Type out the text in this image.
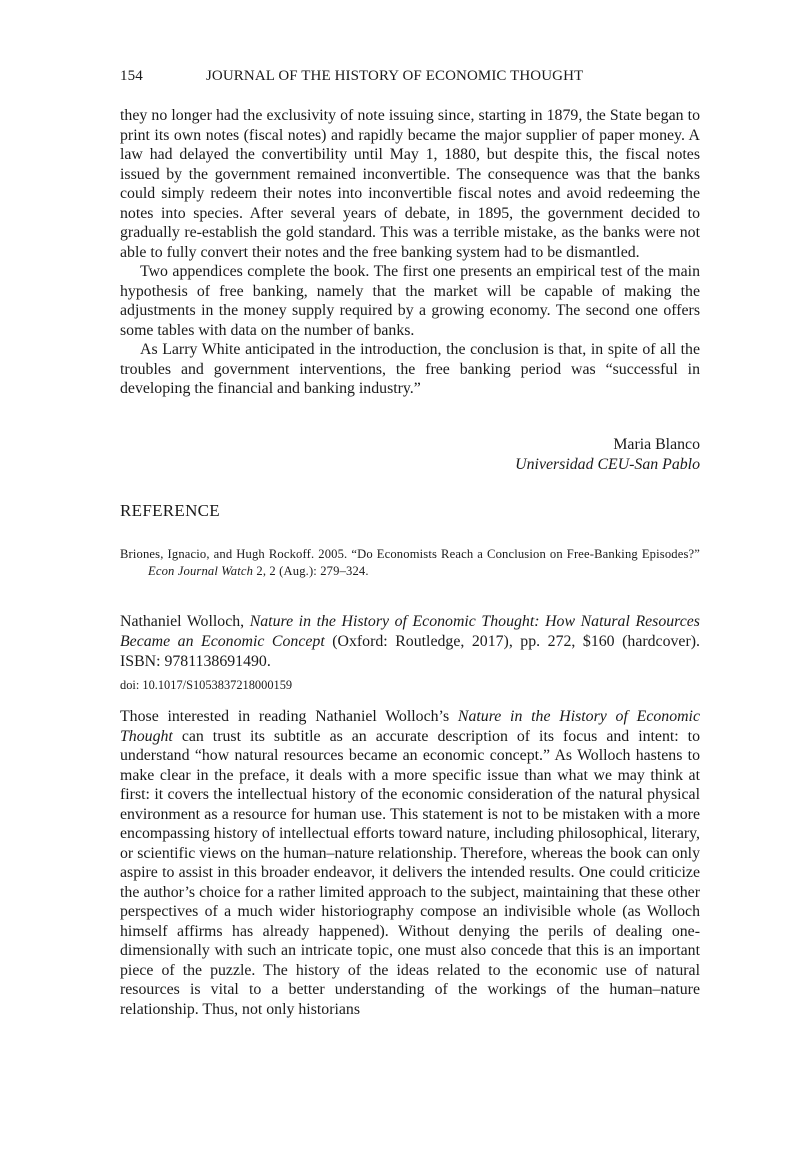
154	JOURNAL OF THE HISTORY OF ECONOMIC THOUGHT

they no longer had the exclusivity of note issuing since, starting in 1879, the State began to print its own notes (fiscal notes) and rapidly became the major supplier of paper money. A law had delayed the convertibility until May 1, 1880, but despite this, the fiscal notes issued by the government remained inconvertible. The consequence was that the banks could simply redeem their notes into inconvertible fiscal notes and avoid redeeming the notes into species. After several years of debate, in 1895, the government decided to gradually re-establish the gold standard. This was a terrible mistake, as the banks were not able to fully convert their notes and the free banking system had to be dismantled.

Two appendices complete the book. The first one presents an empirical test of the main hypothesis of free banking, namely that the market will be capable of making the adjustments in the money supply required by a growing economy. The second one offers some tables with data on the number of banks.

As Larry White anticipated in the introduction, the conclusion is that, in spite of all the troubles and government interventions, the free banking period was “successful in developing the financial and banking industry.”

Maria Blanco
Universidad CEU-San Pablo
REFERENCE
Briones, Ignacio, and Hugh Rockoff. 2005. “Do Economists Reach a Conclusion on Free-Banking Episodes?” Econ Journal Watch 2, 2 (Aug.): 279–324.
Nathaniel Wolloch, Nature in the History of Economic Thought: How Natural Resources Became an Economic Concept (Oxford: Routledge, 2017), pp. 272, $160 (hardcover). ISBN: 9781138691490.
doi: 10.1017/S1053837218000159

Those interested in reading Nathaniel Wolloch’s Nature in the History of Economic Thought can trust its subtitle as an accurate description of its focus and intent: to understand “how natural resources became an economic concept.” As Wolloch hastens to make clear in the preface, it deals with a more specific issue than what we may think at first: it covers the intellectual history of the economic consideration of the natural physical environment as a resource for human use. This statement is not to be mistaken with a more encompassing history of intellectual efforts toward nature, including philosophical, literary, or scientific views on the human–nature relationship. Therefore, whereas the book can only aspire to assist in this broader endeavor, it delivers the intended results. One could criticize the author’s choice for a rather limited approach to the subject, maintaining that these other perspectives of a much wider historiography compose an indivisible whole (as Wolloch himself affirms has already happened). Without denying the perils of dealing one-dimensionally with such an intricate topic, one must also concede that this is an important piece of the puzzle. The history of the ideas related to the economic use of natural resources is vital to a better understanding of the workings of the human–nature relationship. Thus, not only historians
